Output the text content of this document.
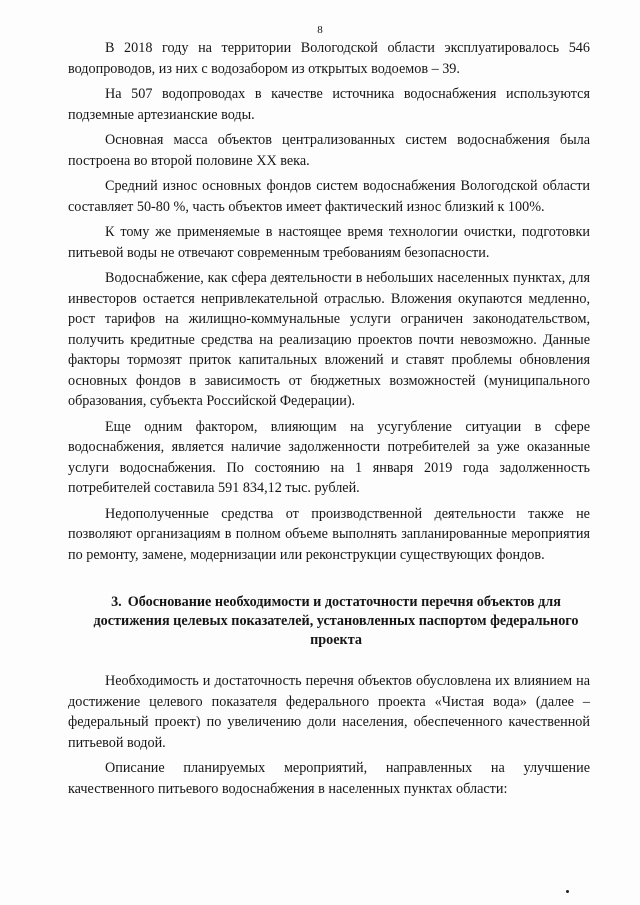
8

В 2018 году на территории Вологодской области эксплуатировалось 546 водопроводов, из них с водозабором из открытых водоемов – 39.

На 507 водопроводах в качестве источника водоснабжения используются подземные артезианские воды.

Основная масса объектов централизованных систем водоснабжения была построена во второй половине XX века.

Средний износ основных фондов систем водоснабжения Вологодской области составляет 50-80 %, часть объектов имеет фактический износ близкий к 100%.

К тому же применяемые в настоящее время технологии очистки, подготовки питьевой воды не отвечают современным требованиям безопасности.

Водоснабжение, как сфера деятельности в небольших населенных пунктах, для инвесторов остается непривлекательной отраслью. Вложения окупаются медленно, рост тарифов на жилищно-коммунальные услуги ограничен законодательством, получить кредитные средства на реализацию проектов почти невозможно. Данные факторы тормозят приток капитальных вложений и ставят проблемы обновления основных фондов в зависимость от бюджетных возможностей (муниципального образования, субъекта Российской Федерации).

Еще одним фактором, влияющим на усугубление ситуации в сфере водоснабжения, является наличие задолженности потребителей за уже оказанные услуги водоснабжения. По состоянию на 1 января 2019 года задолженность потребителей составила 591 834,12 тыс. рублей.

Недополученные средства от производственной деятельности также не позволяют организациям в полном объеме выполнять запланированные мероприятия по ремонту, замене, модернизации или реконструкции существующих фондов.

3. Обоснование необходимости и достаточности перечня объектов для достижения целевых показателей, установленных паспортом федерального проекта

Необходимость и достаточность перечня объектов обусловлена их влиянием на достижение целевого показателя федерального проекта «Чистая вода» (далее – федеральный проект) по увеличению доли населения, обеспеченного качественной питьевой водой.

Описание планируемых мероприятий, направленных на улучшение качественного питьевого водоснабжения в населенных пунктах области:
